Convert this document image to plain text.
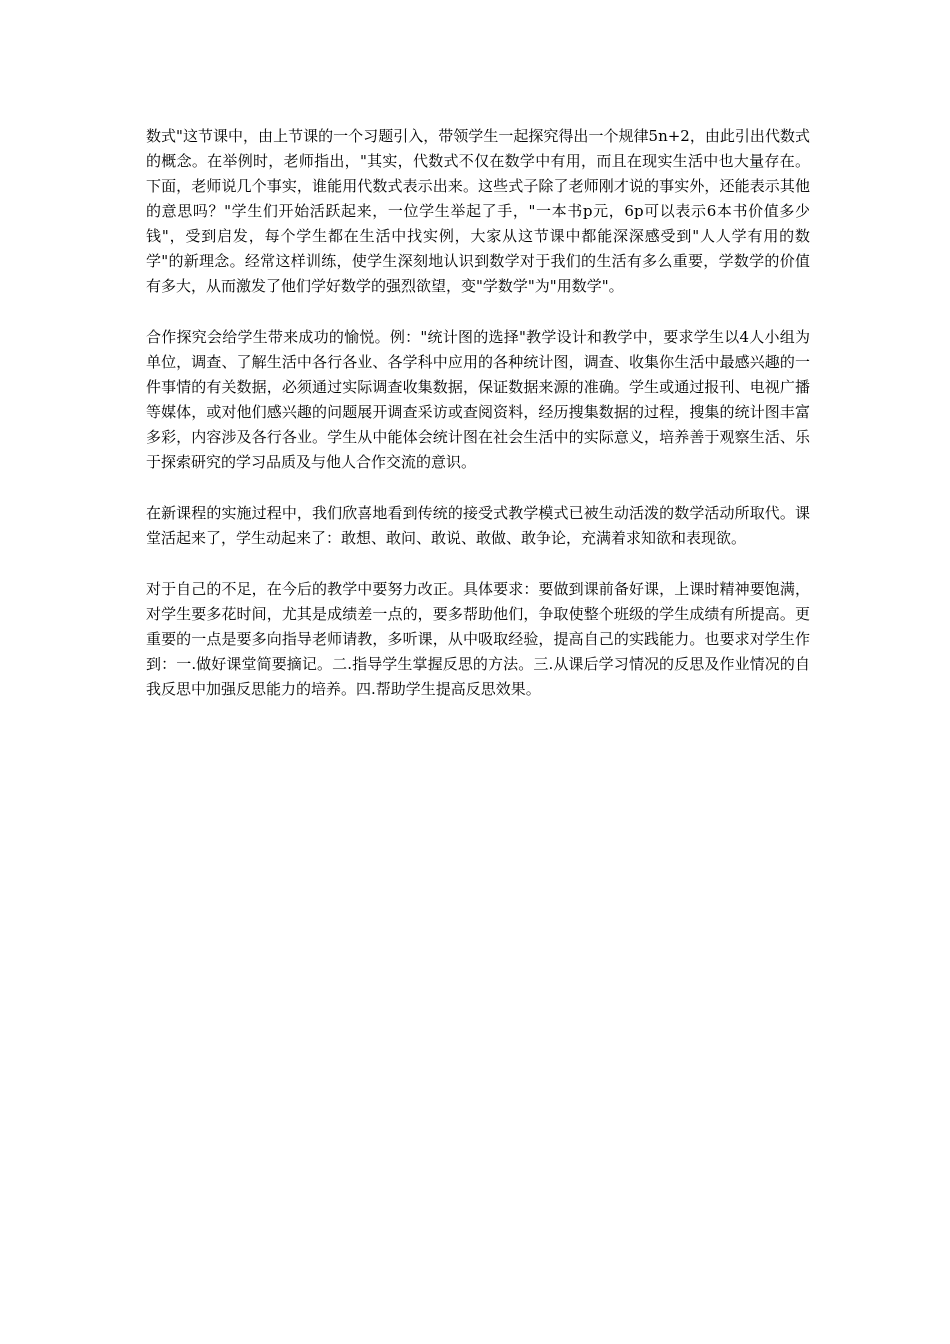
数式"这节课中，由上节课的一个习题引入，带领学生一起探究得出一个规律5n+2，由此引出代数式的概念。在举例时，老师指出，"其实，代数式不仅在数学中有用，而且在现实生活中也大量存在。下面，老师说几个事实，谁能用代数式表示出来。这些式子除了老师刚才说的事实外，还能表示其他的意思吗？"学生们开始活跃起来，一位学生举起了手，"一本书p元，6p可以表示6本书价值多少钱"，受到启发，每个学生都在生活中找实例，大家从这节课中都能深深感受到"人人学有用的数学"的新理念。经常这样训练，使学生深刻地认识到数学对于我们的生活有多么重要，学数学的价值有多大，从而激发了他们学好数学的强烈欲望，变"学数学"为"用数学"。

合作探究会给学生带来成功的愉悦。例："统计图的选择"教学设计和教学中，要求学生以4人小组为单位，调查、了解生活中各行各业、各学科中应用的各种统计图，调查、收集你生活中最感兴趣的一件事情的有关数据，必须通过实际调查收集数据，保证数据来源的准确。学生或通过报刊、电视广播等媒体，或对他们感兴趣的问题展开调查采访或查阅资料，经历搜集数据的过程，搜集的统计图丰富多彩，内容涉及各行各业。学生从中能体会统计图在社会生活中的实际意义，培养善于观察生活、乐于探索研究的学习品质及与他人合作交流的意识。

在新课程的实施过程中，我们欣喜地看到传统的接受式教学模式已被生动活泼的数学活动所取代。课堂活起来了，学生动起来了：敢想、敢问、敢说、敢做、敢争论，充满着求知欲和表现欲。

对于自己的不足，在今后的教学中要努力改正。具体要求：要做到课前备好课，上课时精神要饱满，对学生要多花时间，尤其是成绩差一点的，要多帮助他们，争取使整个班级的学生成绩有所提高。更重要的一点是要多向指导老师请教，多听课，从中吸取经验，提高自己的实践能力。也要求对学生作到：一.做好课堂简要摘记。二.指导学生掌握反思的方法。三.从课后学习情况的反思及作业情况的自我反思中加强反思能力的培养。四.帮助学生提高反思效果。
